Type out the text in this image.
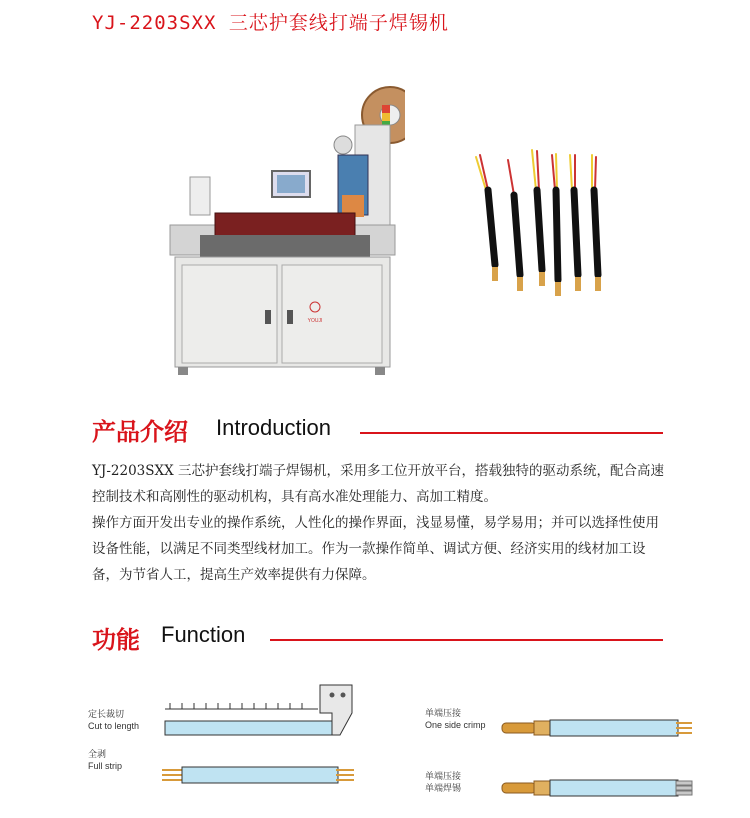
YJ-2203SXX 三芯护套线打端子焊锡机
YOUJI
产品介绍 Introduction

YJ-2203SXX 三芯护套线打端子焊锡机，采用多工位开放平台，搭载独特的驱动系统，配合高速控制技术和高刚性的驱动机构，具有高水准处理能力、高加工精度。

操作方面开发出专业的操作系统，人性化的操作界面，浅显易懂，易学易用；并可以选择性使用设备性能，以满足不同类型线材加工。作为一款操作简单、调试方便、经济实用的线材加工设备，为节省人工，提高生产效率提供有力保障。

功能 Function
定长裁切
Cut to length
全剥
Full strip
单端压接
One side crimp
单端压接
单端焊锡
